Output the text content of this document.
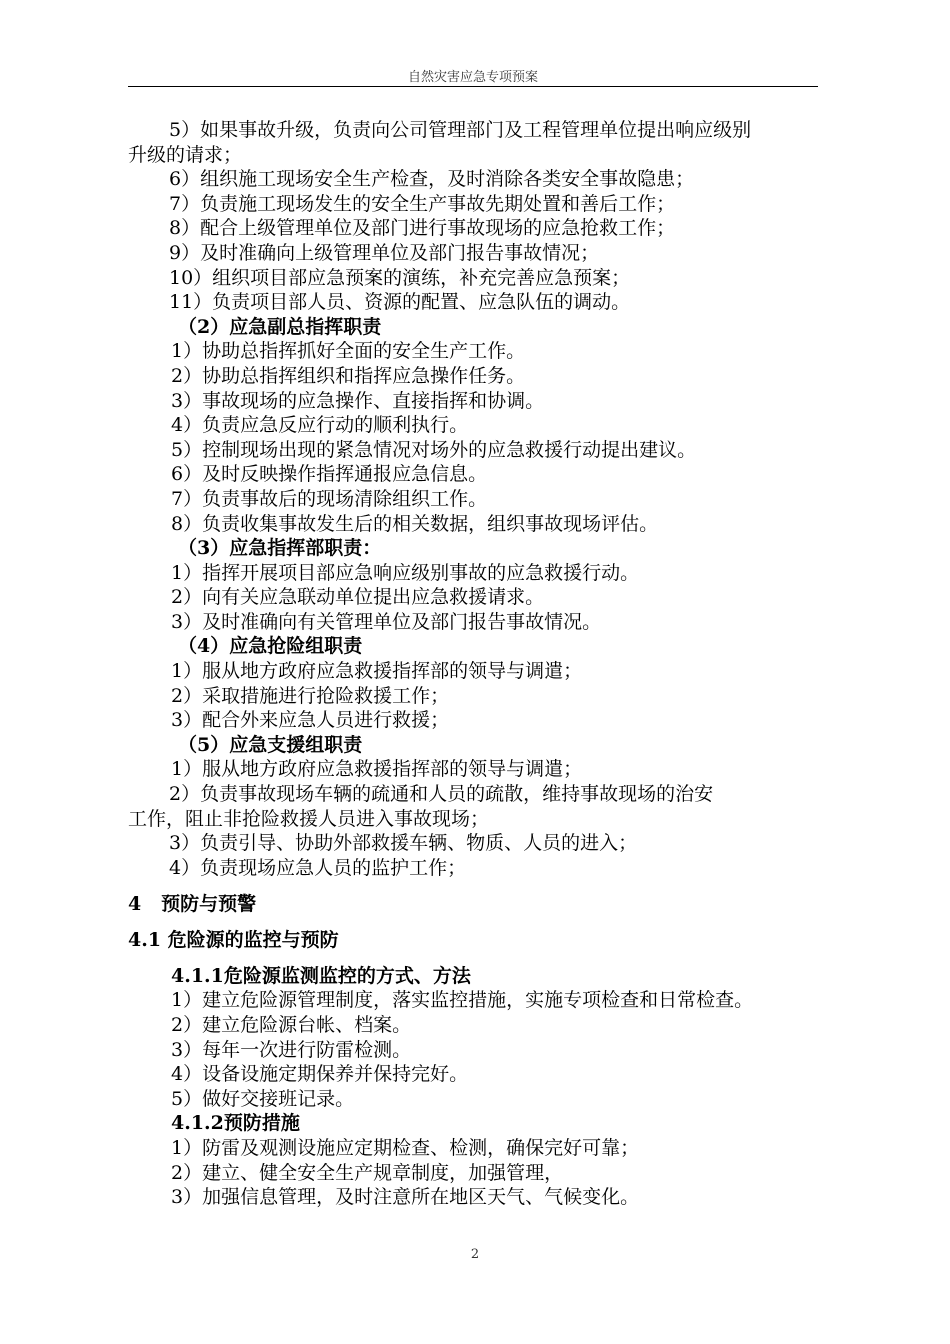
自然灾害应急专项预案
5）如果事故升级，负责向公司管理部门及工程管理单位提出响应级别
升级的请求；
6）组织施工现场安全生产检查，及时消除各类安全事故隐患；
7）负责施工现场发生的安全生产事故先期处置和善后工作；
8）配合上级管理单位及部门进行事故现场的应急抢救工作；
9）及时准确向上级管理单位及部门报告事故情况；
10）组织项目部应急预案的演练，补充完善应急预案；
11）负责项目部人员、资源的配置、应急队伍的调动。
（2）应急副总指挥职责
1）协助总指挥抓好全面的安全生产工作。
2）协助总指挥组织和指挥应急操作任务。
3）事故现场的应急操作、直接指挥和协调。
4）负责应急反应行动的顺利执行。
5）控制现场出现的紧急情况对场外的应急救援行动提出建议。
6）及时反映操作指挥通报应急信息。
7）负责事故后的现场清除组织工作。
8）负责收集事故发生后的相关数据，组织事故现场评估。
（3）应急指挥部职责：
1）指挥开展项目部应急响应级别事故的应急救援行动。
2）向有关应急联动单位提出应急救援请求。
3）及时准确向有关管理单位及部门报告事故情况。
（4）应急抢险组职责
1）服从地方政府应急救援指挥部的领导与调遣；
2）采取措施进行抢险救援工作；
3）配合外来应急人员进行救援；
（5）应急支援组职责
1）服从地方政府应急救援指挥部的领导与调遣；
2）负责事故现场车辆的疏通和人员的疏散，维持事故现场的治安
工作，阻止非抢险救援人员进入事故现场；
3）负责引导、协助外部救援车辆、物质、人员的进入；
4）负责现场应急人员的监护工作；
4   预防与预警
4.1 危险源的监控与预防
4.1.1危险源监测监控的方式、方法
1）建立危险源管理制度，落实监控措施，实施专项检查和日常检查。
2）建立危险源台帐、档案。
3）每年一次进行防雷检测。
4）设备设施定期保养并保持完好。
5）做好交接班记录。
4.1.2预防措施
1）防雷及观测设施应定期检查、检测，确保完好可靠；
2）建立、健全安全生产规章制度，加强管理，
3）加强信息管理，及时注意所在地区天气、气候变化。
2
